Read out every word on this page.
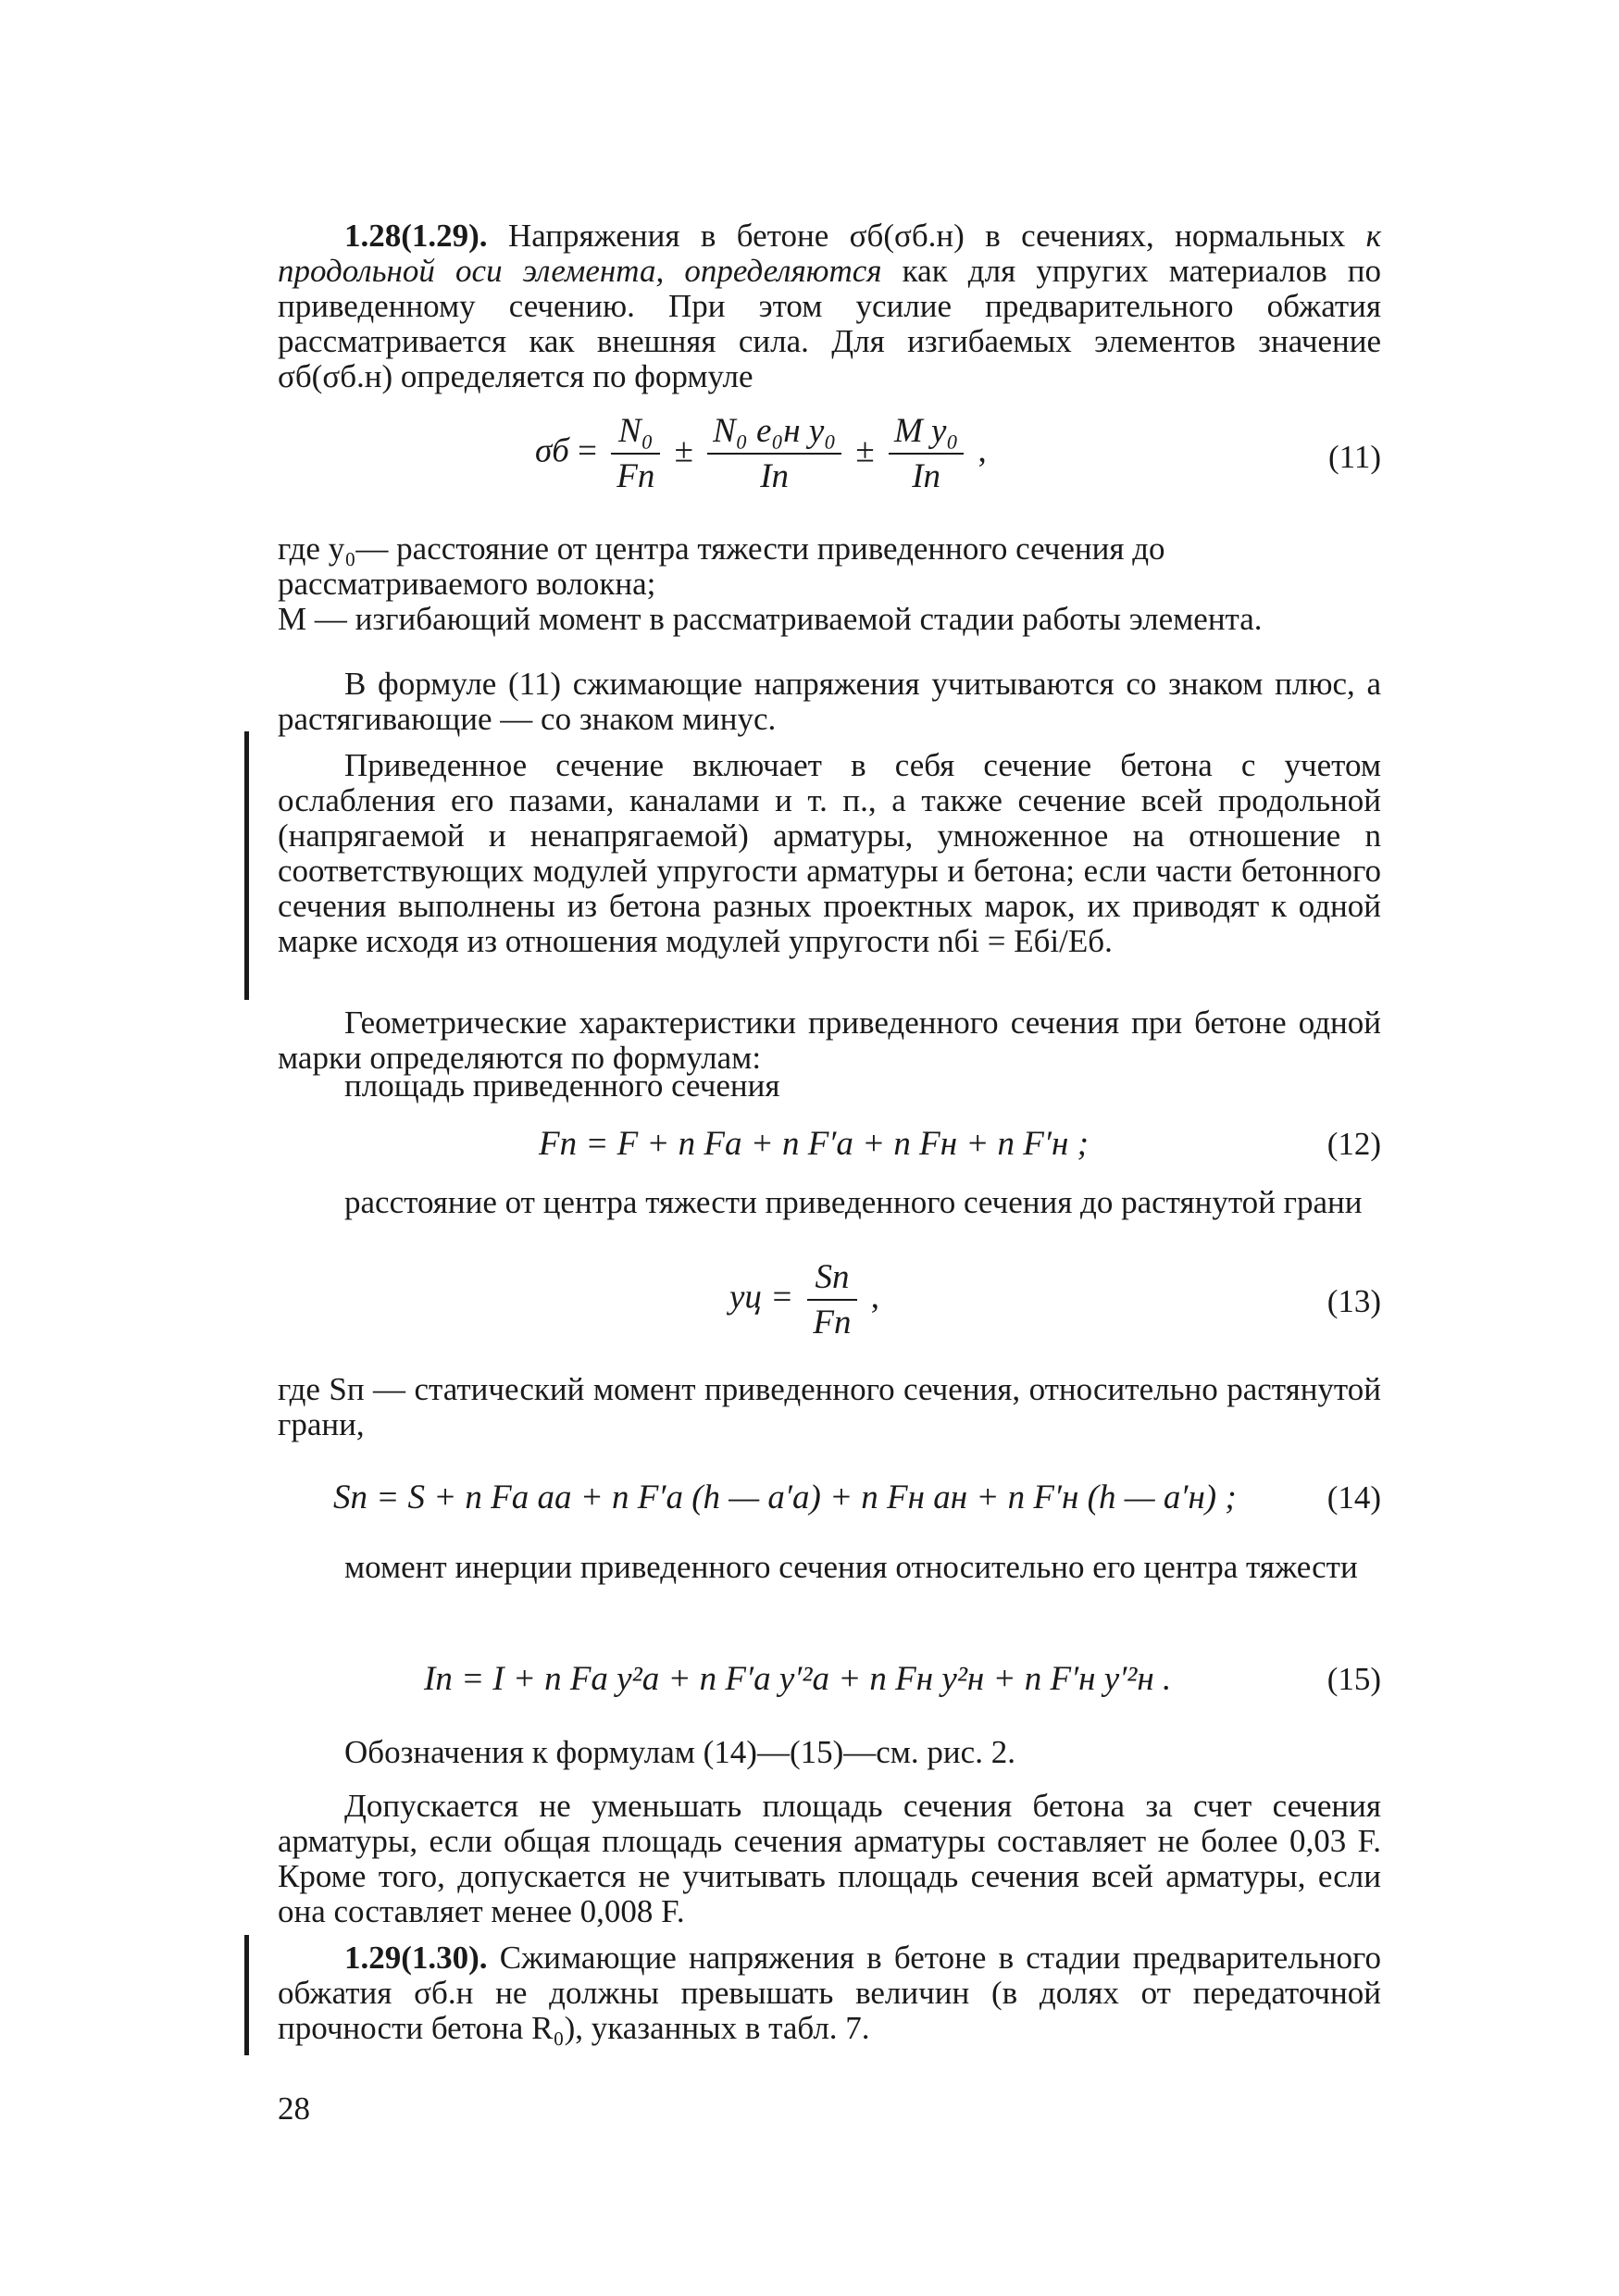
1.28(1.29). Напряжения в бетоне σб(σб.н) в сечениях, нормальных к продольной оси элемента, определяются как для упругих материалов по приведенному сечению. При этом усилие предварительного обжатия рассматривается как внешняя сила. Для изгибаемых элементов значение σб(σб.н) определяется по формуле
σб =
N₀
Fп
±
N₀ e₀н y₀
Iп
±
M y₀
Iп
,	(11)
где y₀— расстояние от центра тяжести приведенного сечения до рассматриваемого волокна;
M — изгибающий момент в рассматриваемой стадии работы элемента.
В формуле (11) сжимающие напряжения учитываются со знаком плюс, а растягивающие — со знаком минус.
Приведенное сечение включает в себя сечение бетона с учетом ослабления его пазами, каналами и т. п., а также сечение всей продольной (напрягаемой и ненапрягаемой) арматуры, умноженное на отношение n соответствующих модулей упругости арматуры и бетона; если части бетонного сечения выполнены из бетона разных проектных марок, их приводят к одной марке исходя из отношения модулей упругости nбi = Eбi/Eб.
Геометрические характеристики приведенного сечения при бетоне одной марки определяются по формулам:
площадь приведенного сечения
Fп = F + n Fа + n F′а + n Fн + n F′н ;	(12)
расстояние от центра тяжести приведенного сечения до растянутой грани
yц =
Sп
Fп
,	(13)
где Sп — статический момент приведенного сечения, относительно растянутой грани,
Sп = S + n Fа aа + n F′а (h — a′а) + n Fн aн + n F′н (h — a′н) ;	(14)
момент инерции приведенного сечения относительно его центра тяжести
Iп = I + n Fа y²а + n F′а y′²а + n Fн y²н + n F′н y′²н .	(15)
Обозначения к формулам (14)—(15)—см. рис. 2.
Допускается не уменьшать площадь сечения бетона за счет сечения арматуры, если общая площадь сечения арматуры составляет не более 0,03 F. Кроме того, допускается не учитывать площадь сечения всей арматуры, если она составляет менее 0,008 F.
1.29(1.30). Сжимающие напряжения в бетоне в стадии предварительного обжатия σб.н не должны превышать величин (в долях от передаточной прочности бетона R₀), указанных в табл. 7.
28
